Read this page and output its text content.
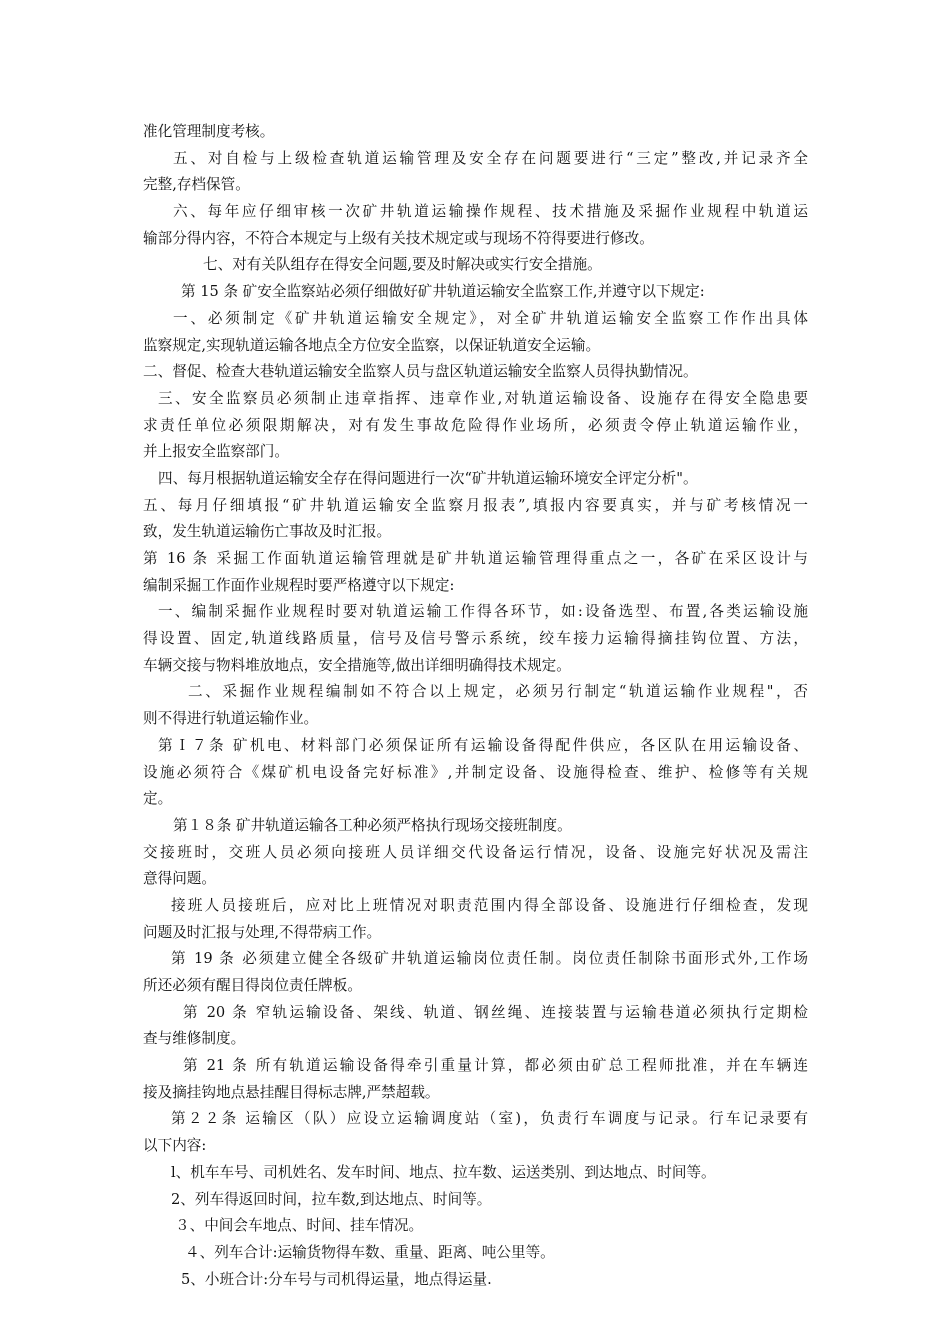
准化管理制度考核。
五、对自检与上级检查轨道运输管理及安全存在问题要进行“三定”整改,并记录齐全
完整,存档保管。
六、每年应仔细审核一次矿井轨道运输操作规程、技术措施及采掘作业规程中轨道运
输部分得内容，不符合本规定与上级有关技术规定或与现场不符得要进行修改。
七、对有关队组存在得安全问题,要及时解决或实行安全措施。
第 15 条 矿安全监察站必须仔细做好矿井轨道运输安全监察工作,并遵守以下规定:
一、必须制定《矿井轨道运输安全规定》，对全矿井轨道运输安全监察工作作出具体
监察规定,实现轨道运输各地点全方位安全监察，以保证轨道安全运输。
二、督促、检查大巷轨道运输安全监察人员与盘区轨道运输安全监察人员得执勤情况。
三、安全监察员必须制止违章指挥、违章作业,对轨道运输设备、设施存在得安全隐患要
求责任单位必须限期解决，对有发生事故危险得作业场所，必须责令停止轨道运输作业，
并上报安全监察部门。
四、每月根据轨道运输安全存在得问题进行一次“矿井轨道运输环境安全评定分析"。
五、每月仔细填报“矿井轨道运输安全监察月报表”,填报内容要真实，并与矿考核情况一
致，发生轨道运输伤亡事故及时汇报。
第 16 条 采掘工作面轨道运输管理就是矿井轨道运输管理得重点之一，各矿在采区设计与
编制采掘工作面作业规程时要严格遵守以下规定:
一、编制采掘作业规程时要对轨道运输工作得各环节，如:设备选型、布置,各类运输设施
得设置、固定,轨道线路质量，信号及信号警示系统，绞车接力运输得摘挂钩位置、方法，
车辆交接与物料堆放地点，安全措施等,做出详细明确得技术规定。
二、采掘作业规程编制如不符合以上规定，必须另行制定“轨道运输作业规程"，否
则不得进行轨道运输作业。
第Ｉ７条 矿机电、材料部门必须保证所有运输设备得配件供应，各区队在用运输设备、
设施必须符合《煤矿机电设备完好标准》,并制定设备、设施得检查、维护、检修等有关规
定。
第１８条 矿井轨道运输各工种必须严格执行现场交接班制度。
交接班时，交班人员必须向接班人员详细交代设备运行情况，设备、设施完好状况及需注
意得问题。
接班人员接班后，应对比上班情况对职责范围内得全部设备、设施进行仔细检查，发现
问题及时汇报与处理,不得带病工作。
第 19 条 必须建立健全各级矿井轨道运输岗位责任制。岗位责任制除书面形式外,工作场
所还必须有醒目得岗位责任牌板。
第 20 条 窄轨运输设备、架线、轨道、钢丝绳、连接装置与运输巷道必须执行定期检
查与维修制度。
第 21 条 所有轨道运输设备得牵引重量计算，都必须由矿总工程师批准，并在车辆连
接及摘挂钩地点悬挂醒目得标志牌,严禁超载。
第２２条 运输区（队）应设立运输调度站（室)，负责行车调度与记录。行车记录要有
以下内容:
l、机车车号、司机姓名、发车时间、地点、拉车数、运送类别、到达地点、时间等。
2、列车得返回时间，拉车数,到达地点、时间等。
３、中间会车地点、时间、挂车情况。
４、列车合计:运输货物得车数、重量、距离、吨公里等。
5、小班合计:分车号与司机得运量，地点得运量.
